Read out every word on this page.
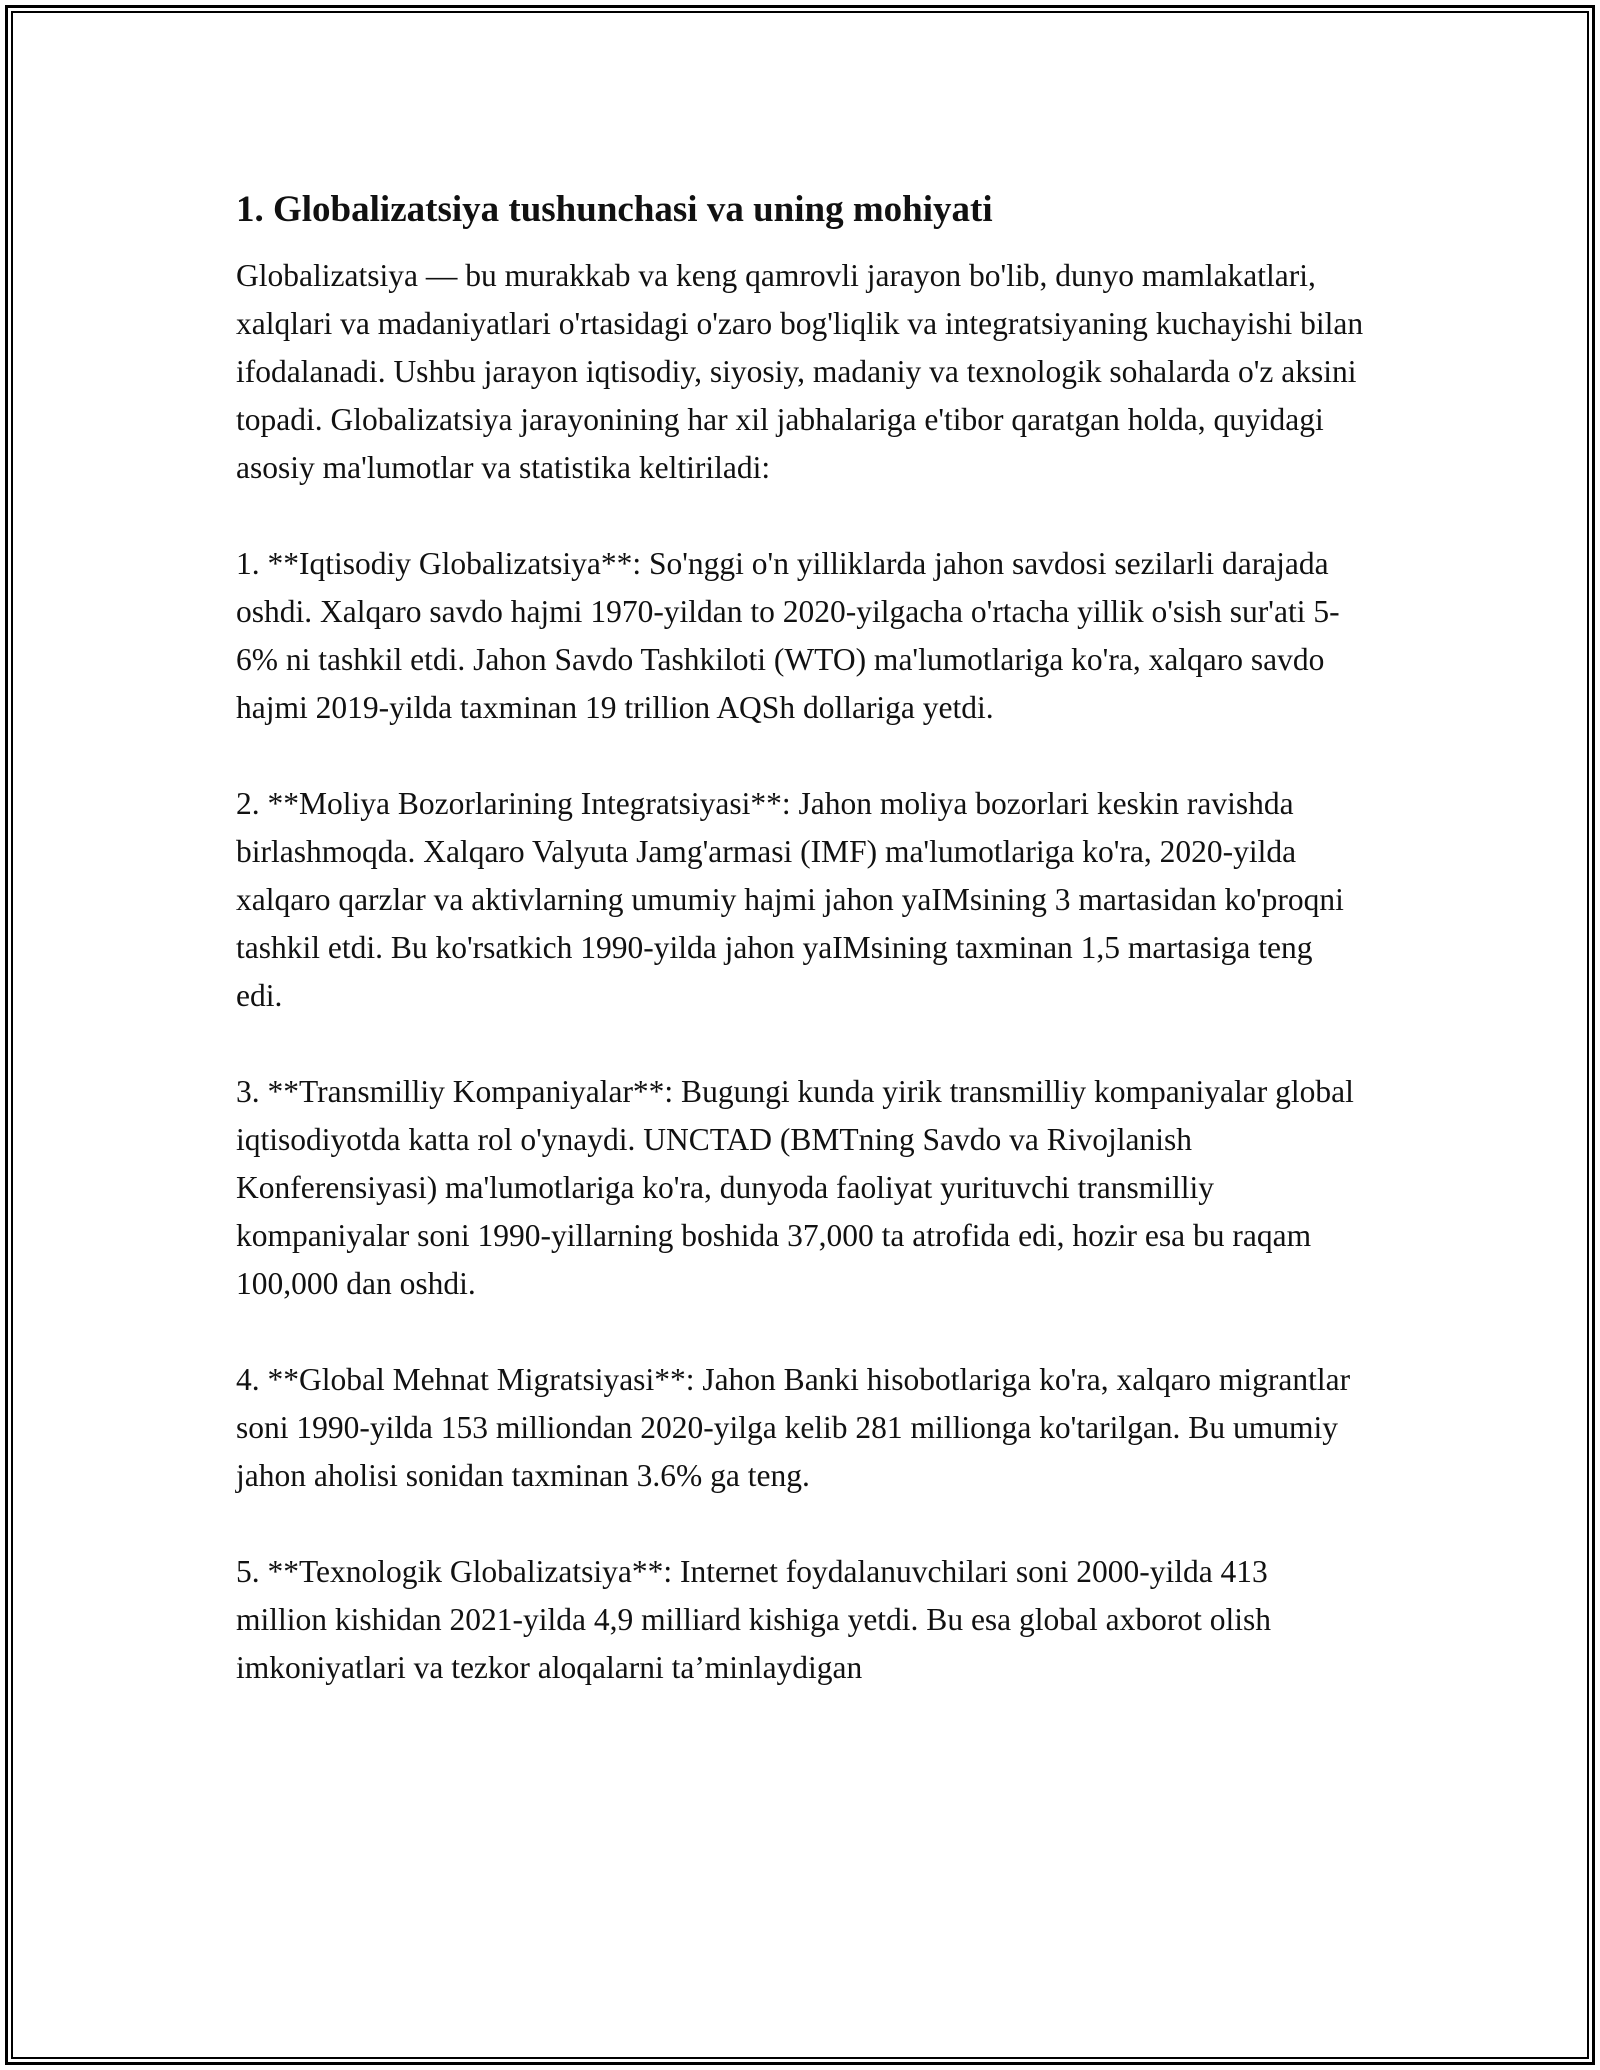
1. Globalizatsiya tushunchasi va uning mohiyati

Globalizatsiya — bu murakkab va keng qamrovli jarayon bo'lib, dunyo mamlakatlari, xalqlari va madaniyatlari o'rtasidagi o'zaro bog'liqlik va integratsiyaning kuchayishi bilan ifodalanadi. Ushbu jarayon iqtisodiy, siyosiy, madaniy va texnologik sohalarda o'z aksini topadi. Globalizatsiya jarayonining har xil jabhalariga e'tibor qaratgan holda, quyidagi asosiy ma'lumotlar va statistika keltiriladi:

1. **Iqtisodiy Globalizatsiya**: So'nggi o'n yilliklarda jahon savdosi sezilarli darajada oshdi. Xalqaro savdo hajmi 1970-yildan to 2020-yilgacha o'rtacha yillik o'sish sur'ati 5-6% ni tashkil etdi. Jahon Savdo Tashkiloti (WTO) ma'lumotlariga ko'ra, xalqaro savdo hajmi 2019-yilda taxminan 19 trillion AQSh dollariga yetdi.

2. **Moliya Bozorlarining Integratsiyasi**: Jahon moliya bozorlari keskin ravishda birlashmoqda. Xalqaro Valyuta Jamg'armasi (IMF) ma'lumotlariga ko'ra, 2020-yilda xalqaro qarzlar va aktivlarning umumiy hajmi jahon yaIMsining 3 martasidan ko'proqni tashkil etdi. Bu ko'rsatkich 1990-yilda jahon yaIMsining taxminan 1,5 martasiga teng edi.

3. **Transmilliy Kompaniyalar**: Bugungi kunda yirik transmilliy kompaniyalar global iqtisodiyotda katta rol o'ynaydi. UNCTAD (BMTning Savdo va Rivojlanish Konferensiyasi) ma'lumotlariga ko'ra, dunyoda faoliyat yurituvchi transmilliy kompaniyalar soni 1990-yillarning boshida 37,000 ta atrofida edi, hozir esa bu raqam 100,000 dan oshdi.

4. **Global Mehnat Migratsiyasi**: Jahon Banki hisobotlariga ko'ra, xalqaro migrantlar soni 1990-yilda 153 milliondan 2020-yilga kelib 281 millionga ko'tarilgan. Bu umumiy jahon aholisi sonidan taxminan 3.6% ga teng.

5. **Texnologik Globalizatsiya**: Internet foydalanuvchilari soni 2000-yilda 413 million kishidan 2021-yilda 4,9 milliard kishiga yetdi. Bu esa global axborot olish imkoniyatlari va tezkor aloqalarni ta’minlaydigan
